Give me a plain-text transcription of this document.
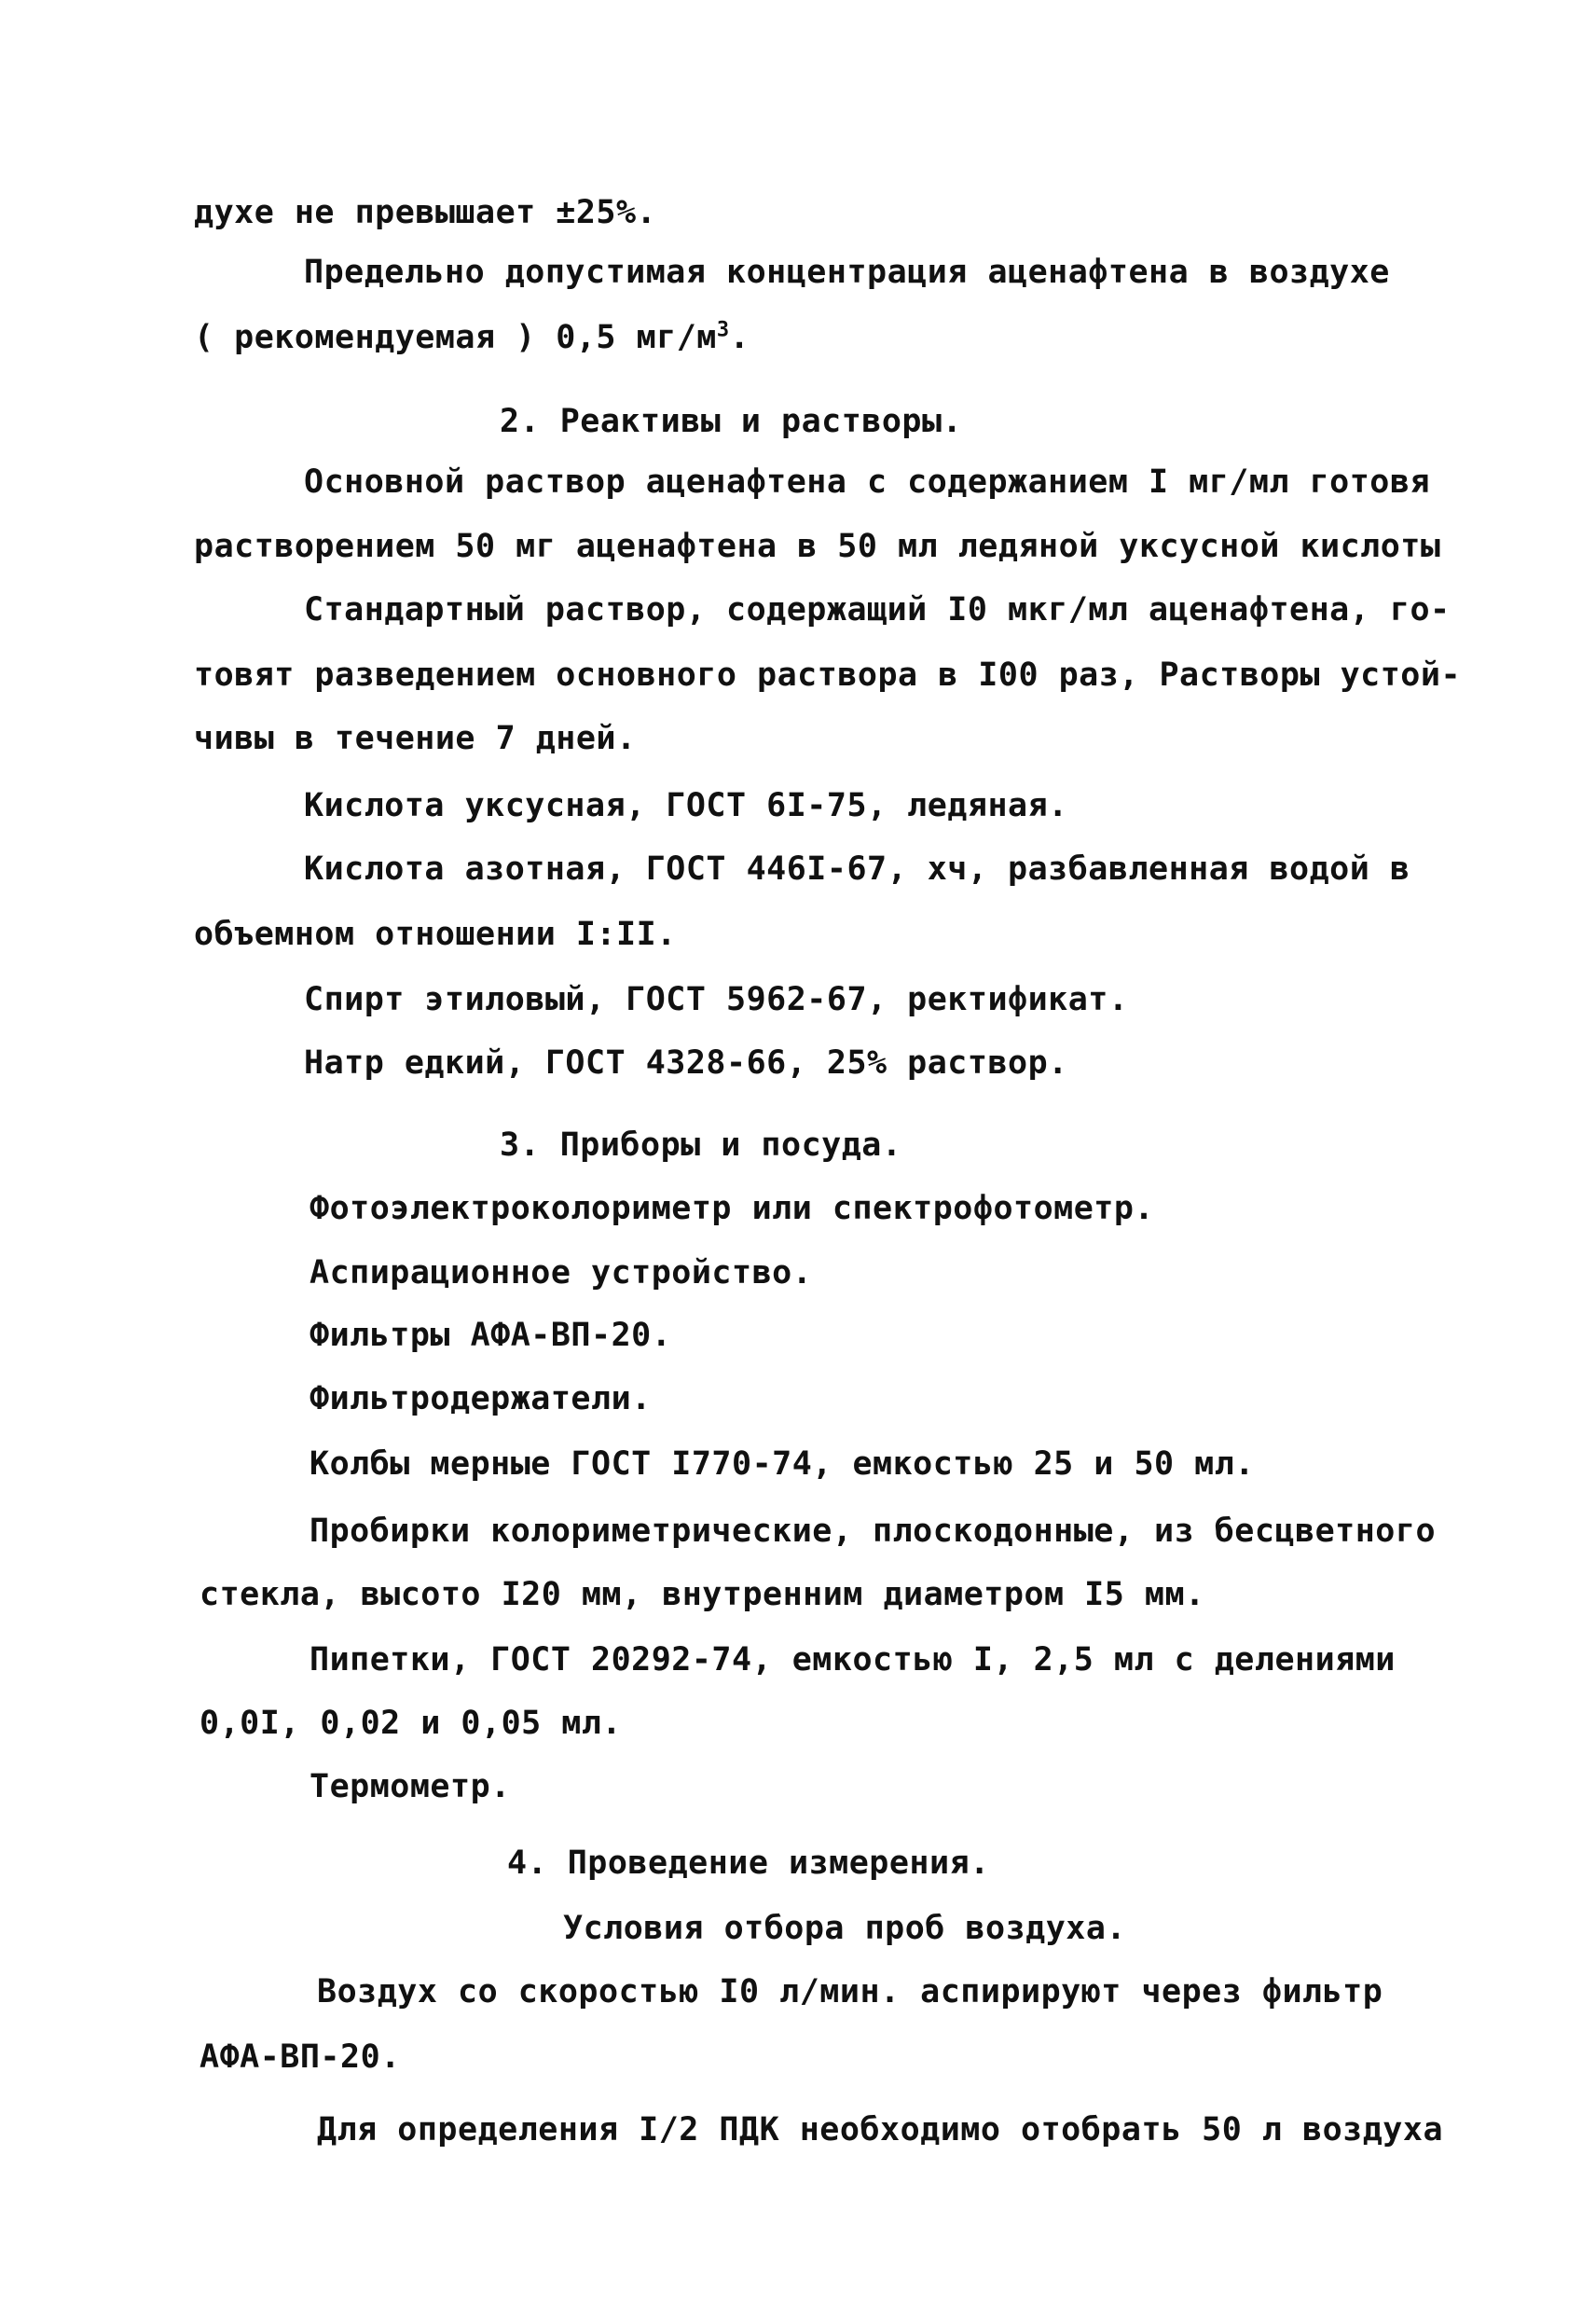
духе не превышает ±25%.
Предельно допустимая концентрация аценафтена в воздухе
( рекомендуемая ) 0,5 $мг/м^3$.
2. Реактивы и растворы.
Основной раствор аценафтена с содержанием I мг/мл готовя
растворением 50 мг аценафтена в 50 мл ледяной уксусной кислоты
Стандартный раствор, содержащий I0 мкг/мл аценафтена, го-
товят разведением основного раствора в I00 раз, Растворы устой-
чивы в течение 7 дней.
Кислота уксусная, ГОСТ 6I-75, ледяная.
Кислота азотная, ГОСТ 446I-67, хч, разбавленная водой в
объемном отношении I:II.
Спирт этиловый, ГОСТ 5962-67, ректификат.
Натр едкий, ГОСТ 4328-66, 25% раствор.
3. Приборы и посуда.
Фотоэлектроколориметр или спектрофотометр.
Аспирационное устройство.
Фильтры АФА-ВП-20.
Фильтродержатели.
Колбы мерные ГОСТ I770-74, емкостью 25 и 50 мл.
Пробирки колориметрические, плоскодонные, из бесцветного
стекла, высото I20 мм, внутренним диаметром I5 мм.
Пипетки, ГОСТ 20292-74, емкостью I, 2,5 мл с делениями
0,0I, 0,02 и 0,05 мл.
Термометр.
4. Проведение измерения.
Условия отбора проб воздуха.
Воздух со скоростью I0 л/мин. аспирируют через фильтр
АФА-ВП-20.
Для определения I/2 ПДК необходимо отобрать 50 л воздуха
